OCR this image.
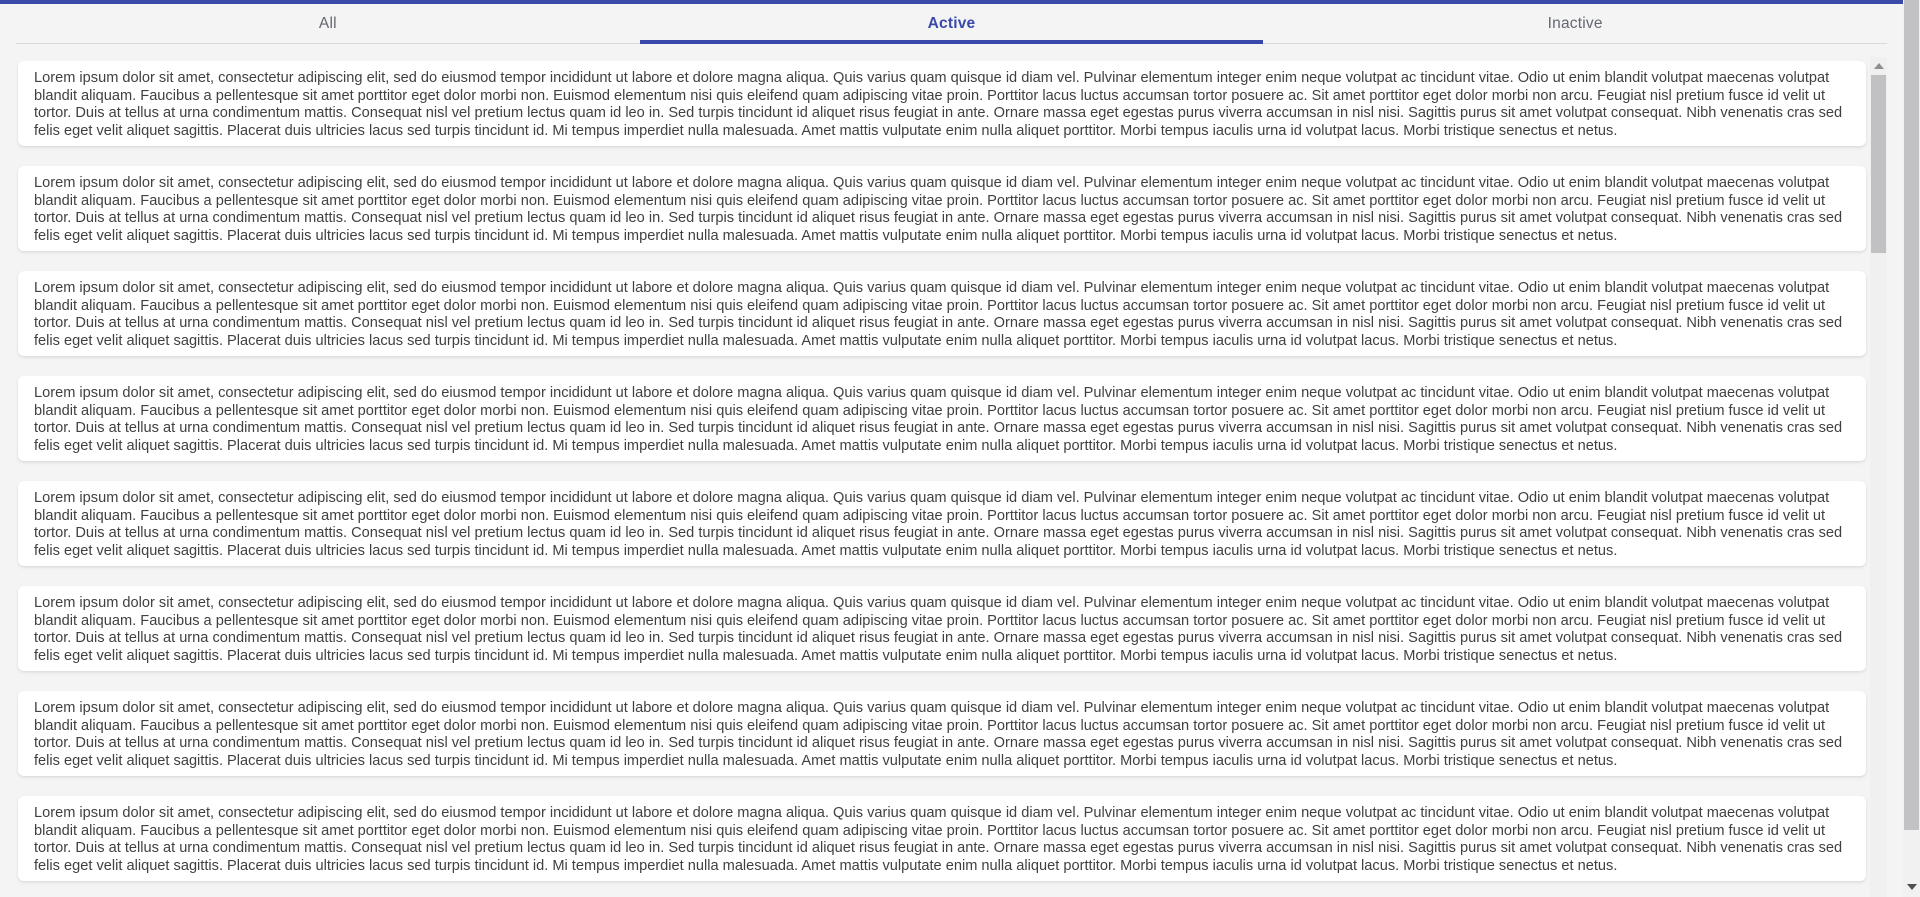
All	Active	Inactive

Lorem ipsum dolor sit amet, consectetur adipiscing elit, sed do eiusmod tempor incididunt ut labore et dolore magna aliqua. Quis varius quam quisque id diam vel. Pulvinar elementum integer enim neque volutpat ac tincidunt vitae. Odio ut enim blandit volutpat maecenas volutpat blandit aliquam. Faucibus a pellentesque sit amet porttitor eget dolor morbi non. Euismod elementum nisi quis eleifend quam adipiscing vitae proin. Porttitor lacus luctus accumsan tortor posuere ac. Sit amet porttitor eget dolor morbi non arcu. Feugiat nisl pretium fusce id velit ut tortor. Duis at tellus at urna condimentum mattis. Consequat nisl vel pretium lectus quam id leo in. Sed turpis tincidunt id aliquet risus feugiat in ante. Ornare massa eget egestas purus viverra accumsan in nisl nisi. Sagittis purus sit amet volutpat consequat. Nibh venenatis cras sed felis eget velit aliquet sagittis. Placerat duis ultricies lacus sed turpis tincidunt id. Mi tempus imperdiet nulla malesuada. Amet mattis vulputate enim nulla aliquet porttitor. Morbi tempus iaculis urna id volutpat lacus. Morbi tristique senectus et netus.

Lorem ipsum dolor sit amet, consectetur adipiscing elit, sed do eiusmod tempor incididunt ut labore et dolore magna aliqua. Quis varius quam quisque id diam vel. Pulvinar elementum integer enim neque volutpat ac tincidunt vitae. Odio ut enim blandit volutpat maecenas volutpat blandit aliquam. Faucibus a pellentesque sit amet porttitor eget dolor morbi non. Euismod elementum nisi quis eleifend quam adipiscing vitae proin. Porttitor lacus luctus accumsan tortor posuere ac. Sit amet porttitor eget dolor morbi non arcu. Feugiat nisl pretium fusce id velit ut tortor. Duis at tellus at urna condimentum mattis. Consequat nisl vel pretium lectus quam id leo in. Sed turpis tincidunt id aliquet risus feugiat in ante. Ornare massa eget egestas purus viverra accumsan in nisl nisi. Sagittis purus sit amet volutpat consequat. Nibh venenatis cras sed felis eget velit aliquet sagittis. Placerat duis ultricies lacus sed turpis tincidunt id. Mi tempus imperdiet nulla malesuada. Amet mattis vulputate enim nulla aliquet porttitor. Morbi tempus iaculis urna id volutpat lacus. Morbi tristique senectus et netus.

Lorem ipsum dolor sit amet, consectetur adipiscing elit, sed do eiusmod tempor incididunt ut labore et dolore magna aliqua. Quis varius quam quisque id diam vel. Pulvinar elementum integer enim neque volutpat ac tincidunt vitae. Odio ut enim blandit volutpat maecenas volutpat blandit aliquam. Faucibus a pellentesque sit amet porttitor eget dolor morbi non. Euismod elementum nisi quis eleifend quam adipiscing vitae proin. Porttitor lacus luctus accumsan tortor posuere ac. Sit amet porttitor eget dolor morbi non arcu. Feugiat nisl pretium fusce id velit ut tortor. Duis at tellus at urna condimentum mattis. Consequat nisl vel pretium lectus quam id leo in. Sed turpis tincidunt id aliquet risus feugiat in ante. Ornare massa eget egestas purus viverra accumsan in nisl nisi. Sagittis purus sit amet volutpat consequat. Nibh venenatis cras sed felis eget velit aliquet sagittis. Placerat duis ultricies lacus sed turpis tincidunt id. Mi tempus imperdiet nulla malesuada. Amet mattis vulputate enim nulla aliquet porttitor. Morbi tempus iaculis urna id volutpat lacus. Morbi tristique senectus et netus.

Lorem ipsum dolor sit amet, consectetur adipiscing elit, sed do eiusmod tempor incididunt ut labore et dolore magna aliqua. Quis varius quam quisque id diam vel. Pulvinar elementum integer enim neque volutpat ac tincidunt vitae. Odio ut enim blandit volutpat maecenas volutpat blandit aliquam. Faucibus a pellentesque sit amet porttitor eget dolor morbi non. Euismod elementum nisi quis eleifend quam adipiscing vitae proin. Porttitor lacus luctus accumsan tortor posuere ac. Sit amet porttitor eget dolor morbi non arcu. Feugiat nisl pretium fusce id velit ut tortor. Duis at tellus at urna condimentum mattis. Consequat nisl vel pretium lectus quam id leo in. Sed turpis tincidunt id aliquet risus feugiat in ante. Ornare massa eget egestas purus viverra accumsan in nisl nisi. Sagittis purus sit amet volutpat consequat. Nibh venenatis cras sed felis eget velit aliquet sagittis. Placerat duis ultricies lacus sed turpis tincidunt id. Mi tempus imperdiet nulla malesuada. Amet mattis vulputate enim nulla aliquet porttitor. Morbi tempus iaculis urna id volutpat lacus. Morbi tristique senectus et netus.

Lorem ipsum dolor sit amet, consectetur adipiscing elit, sed do eiusmod tempor incididunt ut labore et dolore magna aliqua. Quis varius quam quisque id diam vel. Pulvinar elementum integer enim neque volutpat ac tincidunt vitae. Odio ut enim blandit volutpat maecenas volutpat blandit aliquam. Faucibus a pellentesque sit amet porttitor eget dolor morbi non. Euismod elementum nisi quis eleifend quam adipiscing vitae proin. Porttitor lacus luctus accumsan tortor posuere ac. Sit amet porttitor eget dolor morbi non arcu. Feugiat nisl pretium fusce id velit ut tortor. Duis at tellus at urna condimentum mattis. Consequat nisl vel pretium lectus quam id leo in. Sed turpis tincidunt id aliquet risus feugiat in ante. Ornare massa eget egestas purus viverra accumsan in nisl nisi. Sagittis purus sit amet volutpat consequat. Nibh venenatis cras sed felis eget velit aliquet sagittis. Placerat duis ultricies lacus sed turpis tincidunt id. Mi tempus imperdiet nulla malesuada. Amet mattis vulputate enim nulla aliquet porttitor. Morbi tempus iaculis urna id volutpat lacus. Morbi tristique senectus et netus.

Lorem ipsum dolor sit amet, consectetur adipiscing elit, sed do eiusmod tempor incididunt ut labore et dolore magna aliqua. Quis varius quam quisque id diam vel. Pulvinar elementum integer enim neque volutpat ac tincidunt vitae. Odio ut enim blandit volutpat maecenas volutpat blandit aliquam. Faucibus a pellentesque sit amet porttitor eget dolor morbi non. Euismod elementum nisi quis eleifend quam adipiscing vitae proin. Porttitor lacus luctus accumsan tortor posuere ac. Sit amet porttitor eget dolor morbi non arcu. Feugiat nisl pretium fusce id velit ut tortor. Duis at tellus at urna condimentum mattis. Consequat nisl vel pretium lectus quam id leo in. Sed turpis tincidunt id aliquet risus feugiat in ante. Ornare massa eget egestas purus viverra accumsan in nisl nisi. Sagittis purus sit amet volutpat consequat. Nibh venenatis cras sed felis eget velit aliquet sagittis. Placerat duis ultricies lacus sed turpis tincidunt id. Mi tempus imperdiet nulla malesuada. Amet mattis vulputate enim nulla aliquet porttitor. Morbi tempus iaculis urna id volutpat lacus. Morbi tristique senectus et netus.

Lorem ipsum dolor sit amet, consectetur adipiscing elit, sed do eiusmod tempor incididunt ut labore et dolore magna aliqua. Quis varius quam quisque id diam vel. Pulvinar elementum integer enim neque volutpat ac tincidunt vitae. Odio ut enim blandit volutpat maecenas volutpat blandit aliquam. Faucibus a pellentesque sit amet porttitor eget dolor morbi non. Euismod elementum nisi quis eleifend quam adipiscing vitae proin. Porttitor lacus luctus accumsan tortor posuere ac. Sit amet porttitor eget dolor morbi non arcu. Feugiat nisl pretium fusce id velit ut tortor. Duis at tellus at urna condimentum mattis. Consequat nisl vel pretium lectus quam id leo in. Sed turpis tincidunt id aliquet risus feugiat in ante. Ornare massa eget egestas purus viverra accumsan in nisl nisi. Sagittis purus sit amet volutpat consequat. Nibh venenatis cras sed felis eget velit aliquet sagittis. Placerat duis ultricies lacus sed turpis tincidunt id. Mi tempus imperdiet nulla malesuada. Amet mattis vulputate enim nulla aliquet porttitor. Morbi tempus iaculis urna id volutpat lacus. Morbi tristique senectus et netus.

Lorem ipsum dolor sit amet, consectetur adipiscing elit, sed do eiusmod tempor incididunt ut labore et dolore magna aliqua. Quis varius quam quisque id diam vel. Pulvinar elementum integer enim neque volutpat ac tincidunt vitae. Odio ut enim blandit volutpat maecenas volutpat blandit aliquam. Faucibus a pellentesque sit amet porttitor eget dolor morbi non. Euismod elementum nisi quis eleifend quam adipiscing vitae proin. Porttitor lacus luctus accumsan tortor posuere ac. Sit amet porttitor eget dolor morbi non arcu. Feugiat nisl pretium fusce id velit ut tortor. Duis at tellus at urna condimentum mattis. Consequat nisl vel pretium lectus quam id leo in. Sed turpis tincidunt id aliquet risus feugiat in ante. Ornare massa eget egestas purus viverra accumsan in nisl nisi. Sagittis purus sit amet volutpat consequat. Nibh venenatis cras sed felis eget velit aliquet sagittis. Placerat duis ultricies lacus sed turpis tincidunt id. Mi tempus imperdiet nulla malesuada. Amet mattis vulputate enim nulla aliquet porttitor. Morbi tempus iaculis urna id volutpat lacus. Morbi tristique senectus et netus.
